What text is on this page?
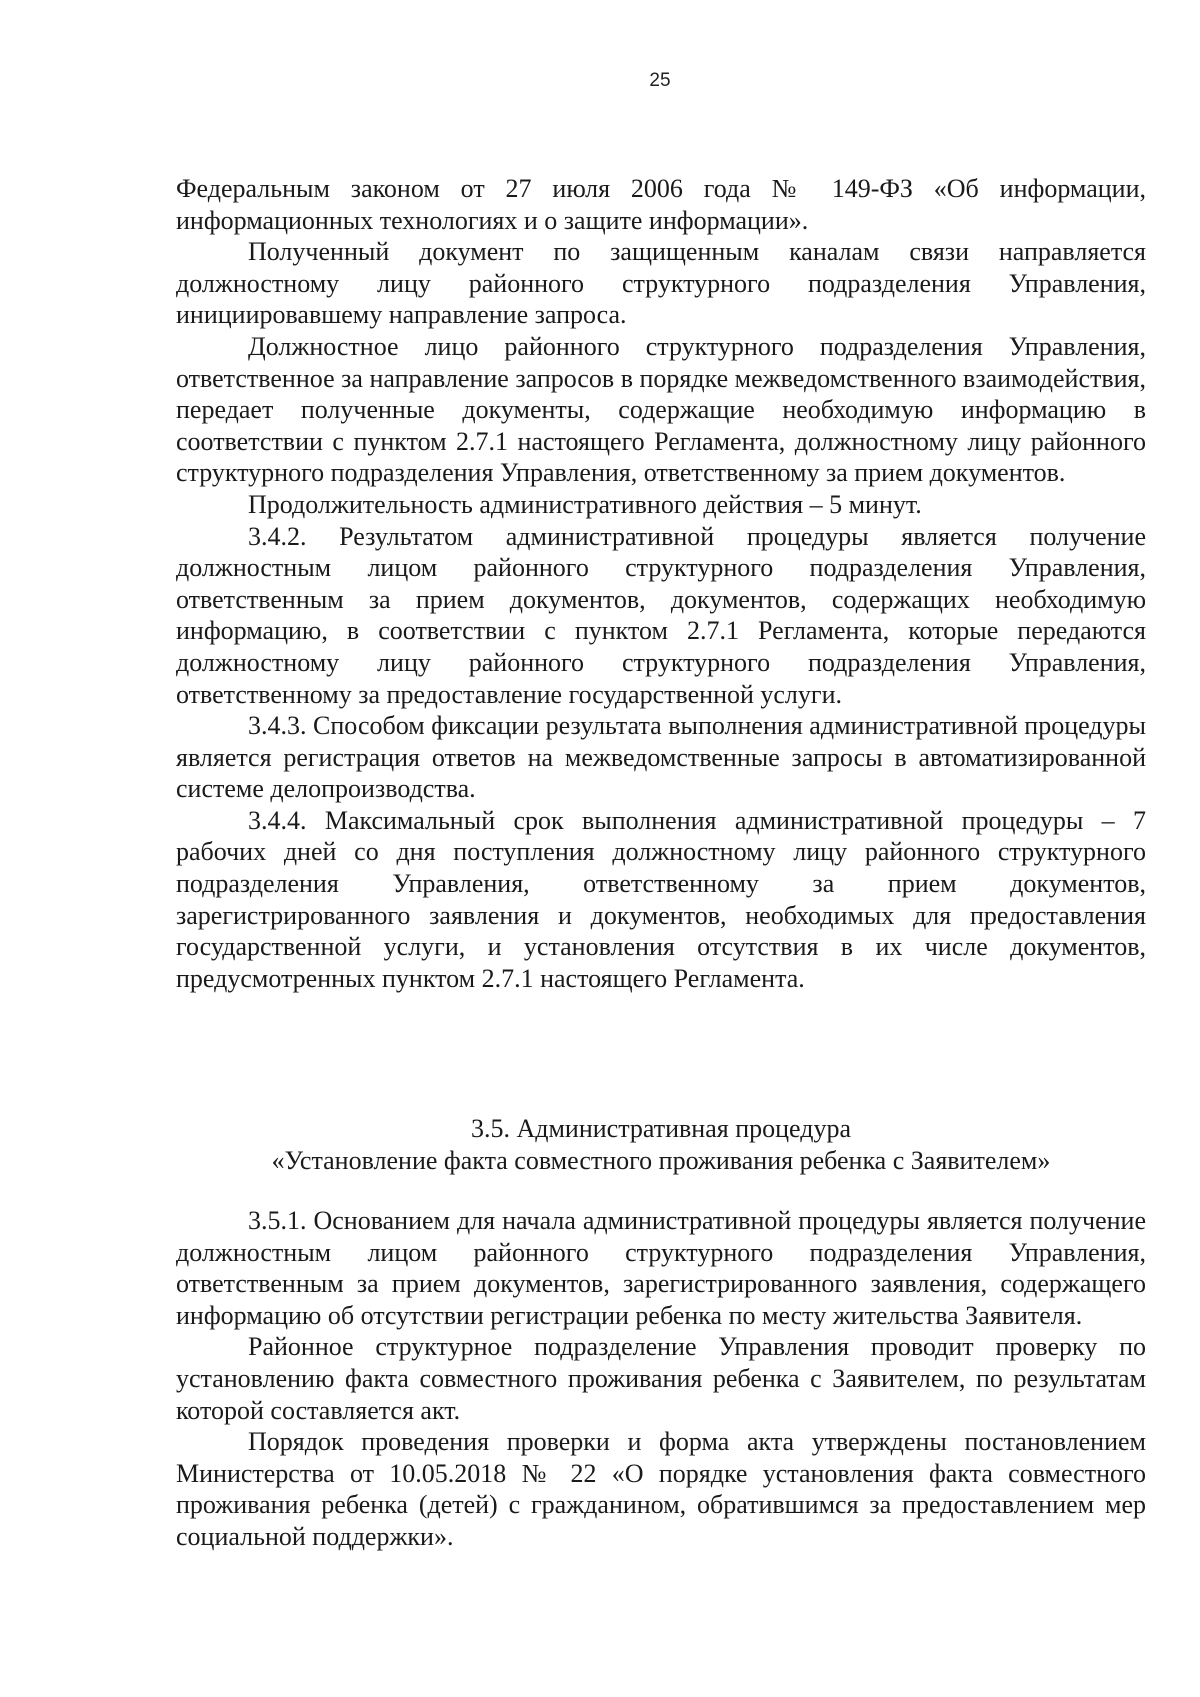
25

Федеральным законом от 27 июля 2006 года № 149-ФЗ «Об информации, информационных технологиях и о защите информации».

Полученный документ по защищенным каналам связи направляется должностному лицу районного структурного подразделения Управления, инициировавшему направление запроса.

Должностное лицо районного структурного подразделения Управления, ответственное за направление запросов в порядке межведомственного взаимодействия, передает полученные документы, содержащие необходимую информацию в соответствии с пунктом 2.7.1 настоящего Регламента, должностному лицу районного структурного подразделения Управления, ответственному за прием документов.

Продолжительность административного действия – 5 минут.

3.4.2. Результатом административной процедуры является получение должностным лицом районного структурного подразделения Управления, ответственным за прием документов, документов, содержащих необходимую информацию, в соответствии с пунктом 2.7.1 Регламента, которые передаются должностному лицу районного структурного подразделения Управления, ответственному за предоставление государственной услуги.

3.4.3. Способом фиксации результата выполнения административной процедуры является регистрация ответов на межведомственные запросы в автоматизированной системе делопроизводства.

3.4.4. Максимальный срок выполнения административной процедуры – 7 рабочих дней со дня поступления должностному лицу районного структурного подразделения Управления, ответственному за прием документов, зарегистрированного заявления и документов, необходимых для предоставления государственной услуги, и установления отсутствия в их числе документов, предусмотренных пунктом 2.7.1 настоящего Регламента.

3.5. Административная процедура

«Установление факта совместного проживания ребенка с Заявителем»

3.5.1. Основанием для начала административной процедуры является получение должностным лицом районного структурного подразделения Управления, ответственным за прием документов, зарегистрированного заявления, содержащего информацию об отсутствии регистрации ребенка по месту жительства Заявителя.

Районное структурное подразделение Управления проводит проверку по установлению факта совместного проживания ребенка с Заявителем, по результатам которой составляется акт.

Порядок проведения проверки и форма акта утверждены постановлением Министерства от 10.05.2018 № 22 «О порядке установления факта совместного проживания ребенка (детей) с гражданином, обратившимся за предоставлением мер социальной поддержки».
